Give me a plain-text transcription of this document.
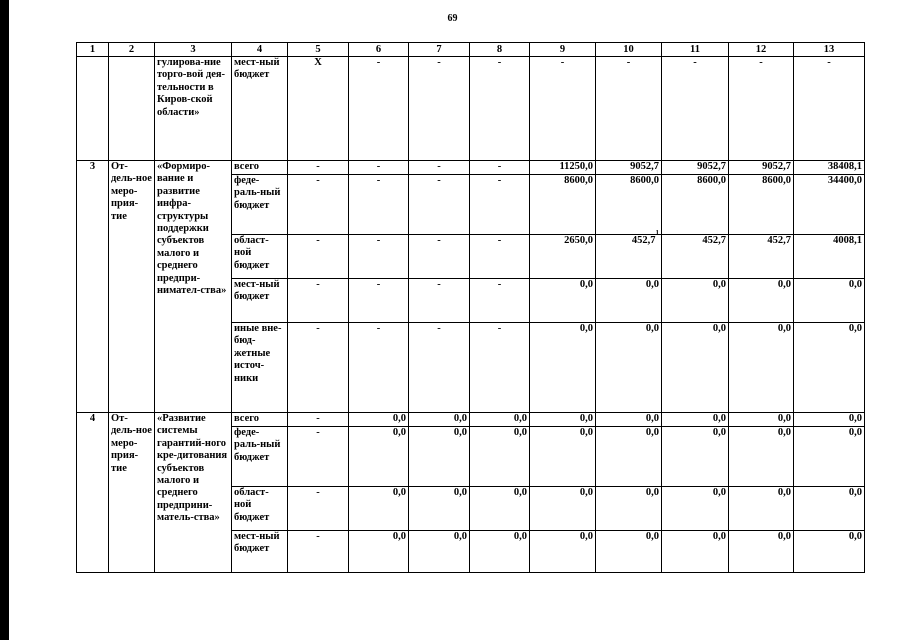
69
1	2	3	4	5	6	7	8	9	10	11	12	13
		гулирова-ние торго-вой дея-тельности в Киров-ской области»	мест-ный бюджет	X	-	-	-	-	-	-	-	-
3	От-дель-ное меро-прия-тие	«Формиро-вание и развитие инфра-структуры поддержки субъектов малого и среднего предпри-нимател-ства»	всего	-	-	-	-	11250,0	9052,7	9052,7	9052,7	38408,1
			феде-раль-ный бюджет	-	-	-	-	8600,0	8600,0	8600,0	8600,0	34400,0
			област-ной бюджет	-	-	-	-	2650,0	452,7$^1$	452,7	452,7	4008,1
			мест-ный бюджет	-	-	-	-	0,0	0,0	0,0	0,0	0,0
			иные вне-бюд-жетные источ-ники	-	-	-	-	0,0	0,0	0,0	0,0	0,0
4	От-дель-ное меро-прия-тие	«Развитие системы гарантий-ного кре-дитования субъектов малого и среднего предприни-матель-ства»	всего	-	0,0	0,0	0,0	0,0	0,0	0,0	0,0	0,0
			феде-раль-ный бюджет	-	0,0	0,0	0,0	0,0	0,0	0,0	0,0	0,0
			област-ной бюджет	-	0,0	0,0	0,0	0,0	0,0	0,0	0,0	0,0
			мест-ный бюджет	-	0,0	0,0	0,0	0,0	0,0	0,0	0,0	0,0
